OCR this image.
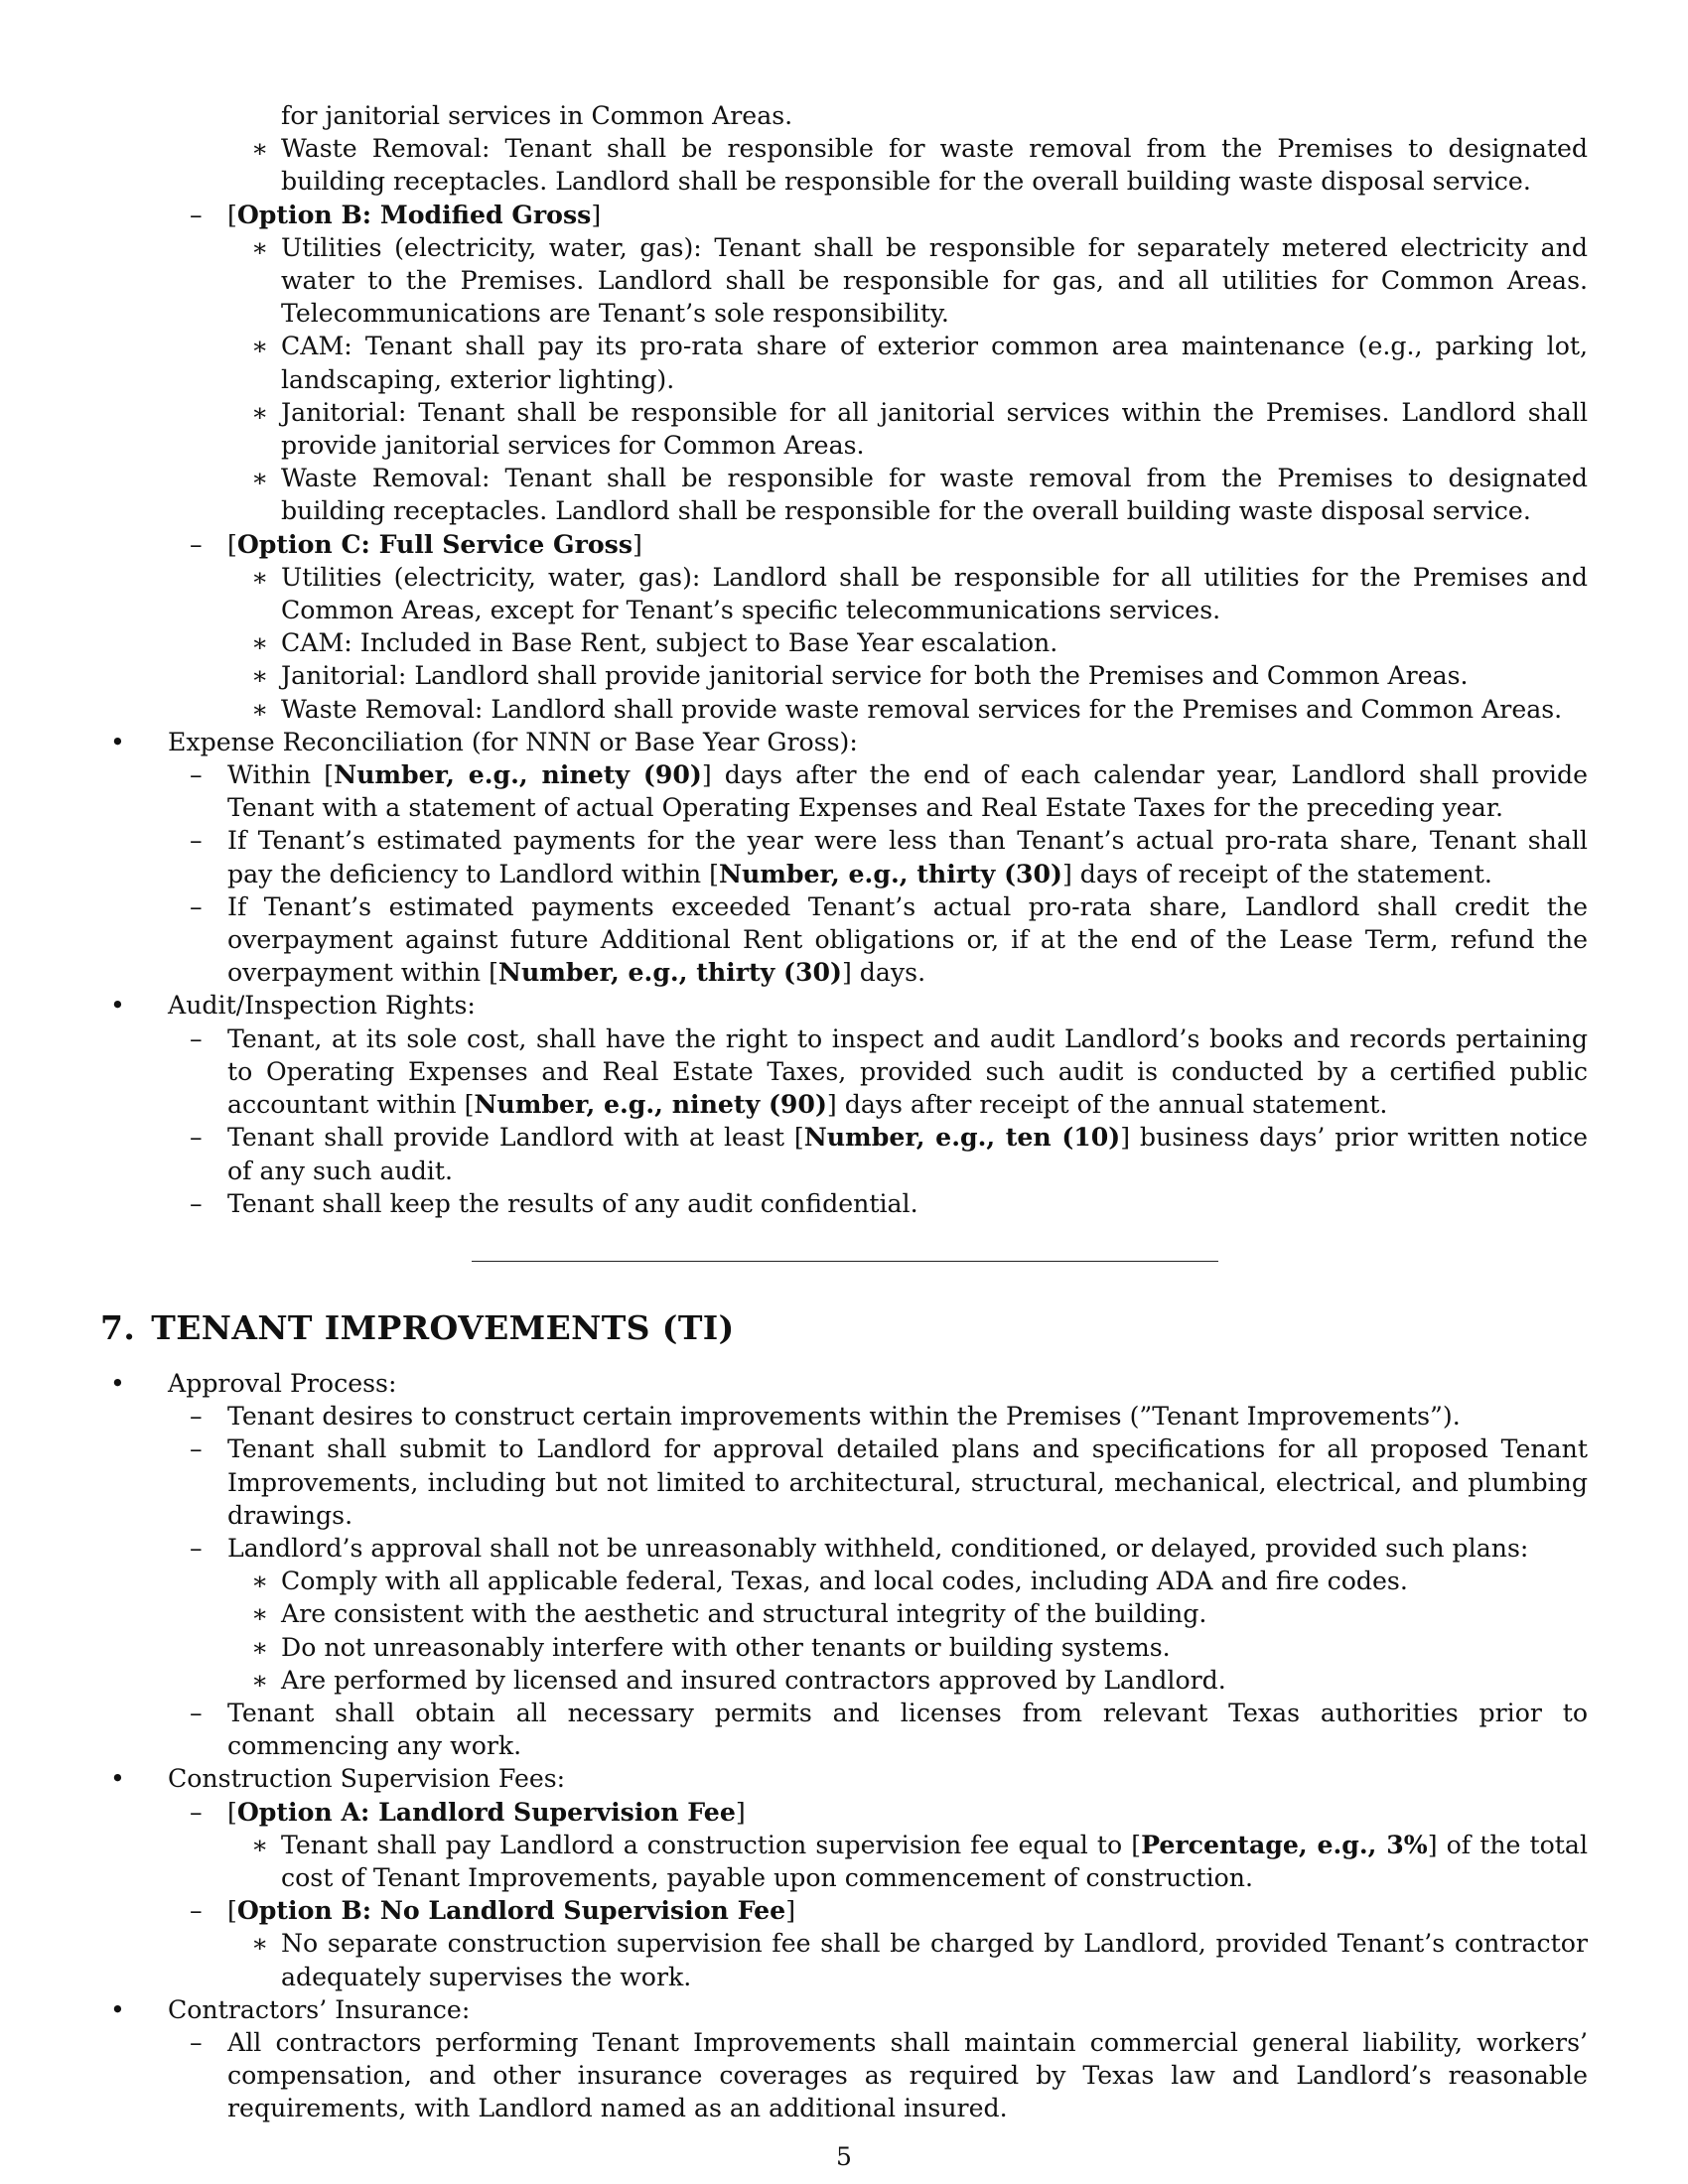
for janitorial services in Common Areas.
∗ Waste Removal: Tenant shall be responsible for waste removal from the Premises to designated building receptacles. Landlord shall be responsible for the overall building waste disposal service.
–	[Option B: Modified Gross]
∗ Utilities (electricity, water, gas): Tenant shall be responsible for separately metered electricity and water to the Premises. Landlord shall be responsible for gas, and all utilities for Common Areas. Telecommunications are Tenant’s sole responsibility.
∗ CAM: Tenant shall pay its pro-rata share of exterior common area maintenance (e.g., parking lot, landscaping, exterior lighting).
∗ Janitorial: Tenant shall be responsible for all janitorial services within the Premises. Landlord shall provide janitorial services for Common Areas.
∗ Waste Removal: Tenant shall be responsible for waste removal from the Premises to designated building receptacles. Landlord shall be responsible for the overall building waste disposal service.
–	[Option C: Full Service Gross]
∗ Utilities (electricity, water, gas): Landlord shall be responsible for all utilities for the Premises and Common Areas, except for Tenant’s specific telecommunications services.
∗ CAM: Included in Base Rent, subject to Base Year escalation.
∗ Janitorial: Landlord shall provide janitorial service for both the Premises and Common Areas.
∗ Waste Removal: Landlord shall provide waste removal services for the Premises and Common Areas.
•	Expense Reconciliation (for NNN or Base Year Gross):
–	Within [Number, e.g., ninety (90)] days after the end of each calendar year, Landlord shall provide Tenant with a statement of actual Operating Expenses and Real Estate Taxes for the preceding year.
–	If Tenant’s estimated payments for the year were less than Tenant’s actual pro-rata share, Tenant shall pay the deficiency to Landlord within [Number, e.g., thirty (30)] days of receipt of the statement.
–	If Tenant’s estimated payments exceeded Tenant’s actual pro-rata share, Landlord shall credit the overpayment against future Additional Rent obligations or, if at the end of the Lease Term, refund the overpayment within [Number, e.g., thirty (30)] days.
•	Audit/Inspection Rights:
–	Tenant, at its sole cost, shall have the right to inspect and audit Landlord’s books and records pertaining to Operating Expenses and Real Estate Taxes, provided such audit is conducted by a certified public accountant within [Number, e.g., ninety (90)] days after receipt of the annual statement.
–	Tenant shall provide Landlord with at least [Number, e.g., ten (10)] business days’ prior written notice of any such audit.
–	Tenant shall keep the results of any audit confidential.
7. TENANT IMPROVEMENTS (TI)
•	Approval Process:
–	Tenant desires to construct certain improvements within the Premises (”Tenant Improvements”).
–	Tenant shall submit to Landlord for approval detailed plans and specifications for all proposed Tenant Improvements, including but not limited to architectural, structural, mechanical, electrical, and plumbing drawings.
–	Landlord’s approval shall not be unreasonably withheld, conditioned, or delayed, provided such plans:
∗ Comply with all applicable federal, Texas, and local codes, including ADA and fire codes.
∗ Are consistent with the aesthetic and structural integrity of the building.
∗ Do not unreasonably interfere with other tenants or building systems.
∗ Are performed by licensed and insured contractors approved by Landlord.
–	Tenant shall obtain all necessary permits and licenses from relevant Texas authorities prior to commencing any work.
•	Construction Supervision Fees:
–	[Option A: Landlord Supervision Fee]
∗ Tenant shall pay Landlord a construction supervision fee equal to [Percentage, e.g., 3%] of the total cost of Tenant Improvements, payable upon commencement of construction.
–	[Option B: No Landlord Supervision Fee]
∗ No separate construction supervision fee shall be charged by Landlord, provided Tenant’s contractor adequately supervises the work.
•	Contractors’ Insurance:
–	All contractors performing Tenant Improvements shall maintain commercial general liability, workers’ compensation, and other insurance coverages as required by Texas law and Landlord’s reasonable requirements, with Landlord named as an additional insured.
5
